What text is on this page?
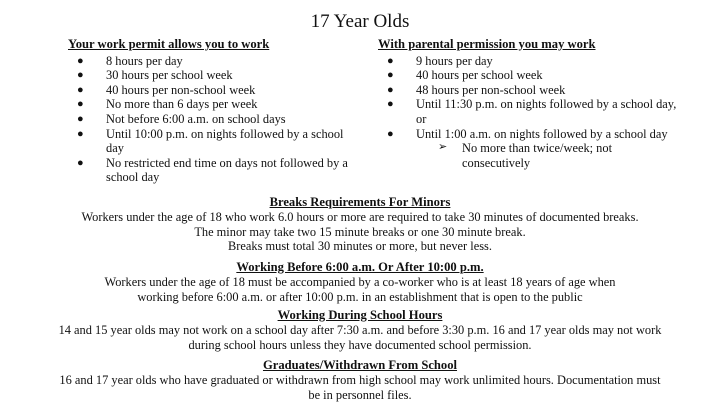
17 Year Olds
Your work permit allows you to work
● 8 hours per day
● 30 hours per school week
● 40 hours per non-school week
● No more than 6 days per week
● Not before 6:00 a.m. on school days
● Until 10:00 p.m. on nights followed by a school day
● No restricted end time on days not followed by a school day
With parental permission you may work
● 9 hours per day
● 40 hours per school week
● 48 hours per non-school week
● Until 11:30 p.m. on nights followed by a school day, or
● Until 1:00 a.m. on nights followed by a school day
➢ No more than twice/week; not consecutively
Breaks Requirements For Minors

Workers under the age of 18 who work 6.0 hours or more are required to take 30 minutes of documented breaks.

The minor may take two 15 minute breaks or one 30 minute break.

Breaks must total 30 minutes or more, but never less.

Working Before 6:00 a.m. Or After 10:00 p.m.

Workers under the age of 18 must be accompanied by a co-worker who is at least 18 years of age when

working before 6:00 a.m. or after 10:00 p.m. in an establishment that is open to the public

Working During School Hours

14 and 15 year olds may not work on a school day after 7:30 a.m. and before 3:30 p.m. 16 and 17 year olds may not work

during school hours unless they have documented school permission.

Graduates/Withdrawn From School

16 and 17 year olds who have graduated or withdrawn from high school may work unlimited hours. Documentation must

be in personnel files.
